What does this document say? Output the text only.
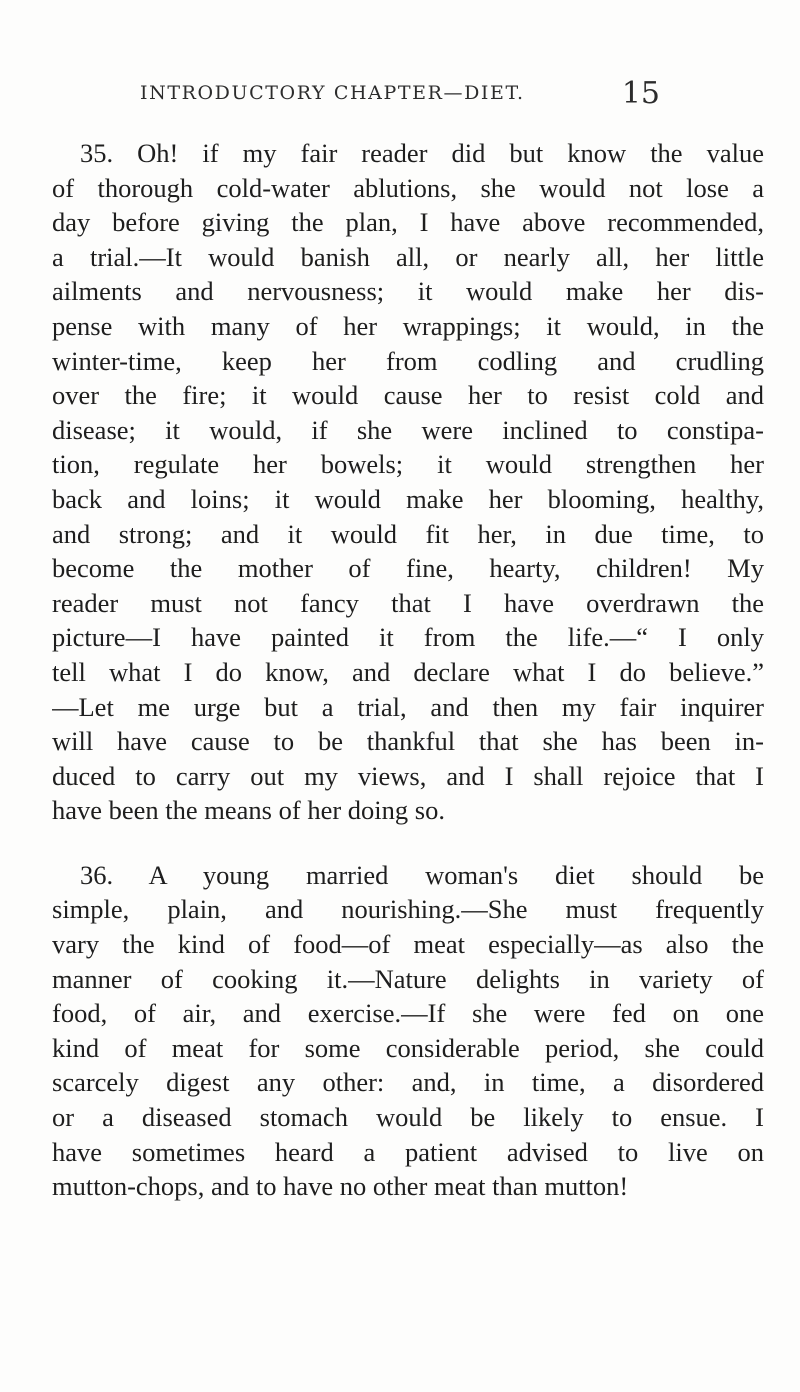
INTRODUCTORY CHAPTER—DIET.	15
35. Oh! if my fair reader did but know the value
of thorough cold-water ablutions, she would not lose a
day before giving the plan, I have above recommended,
a trial.—It would banish all, or nearly all, her little
ailments and nervousness; it would make her dis-
pense with many of her wrappings; it would, in the
winter-time, keep her from codling and crudling
over the fire; it would cause her to resist cold and
disease; it would, if she were inclined to constipa-
tion, regulate her bowels; it would strengthen her
back and loins; it would make her blooming, healthy,
and strong; and it would fit her, in due time, to
become the mother of fine, hearty, children! My
reader must not fancy that I have overdrawn the
picture—I have painted it from the life.—“ I only
tell what I do know, and declare what I do believe.”
—Let me urge but a trial, and then my fair inquirer
will have cause to be thankful that she has been in-
duced to carry out my views, and I shall rejoice that I
have been the means of her doing so.
36. A young married woman's diet should be
simple, plain, and nourishing.—She must frequently
vary the kind of food—of meat especially—as also the
manner of cooking it.—Nature delights in variety of
food, of air, and exercise.—If she were fed on one
kind of meat for some considerable period, she could
scarcely digest any other: and, in time, a disordered
or a diseased stomach would be likely to ensue. I
have sometimes heard a patient advised to live on
mutton-chops, and to have no other meat than mutton!
